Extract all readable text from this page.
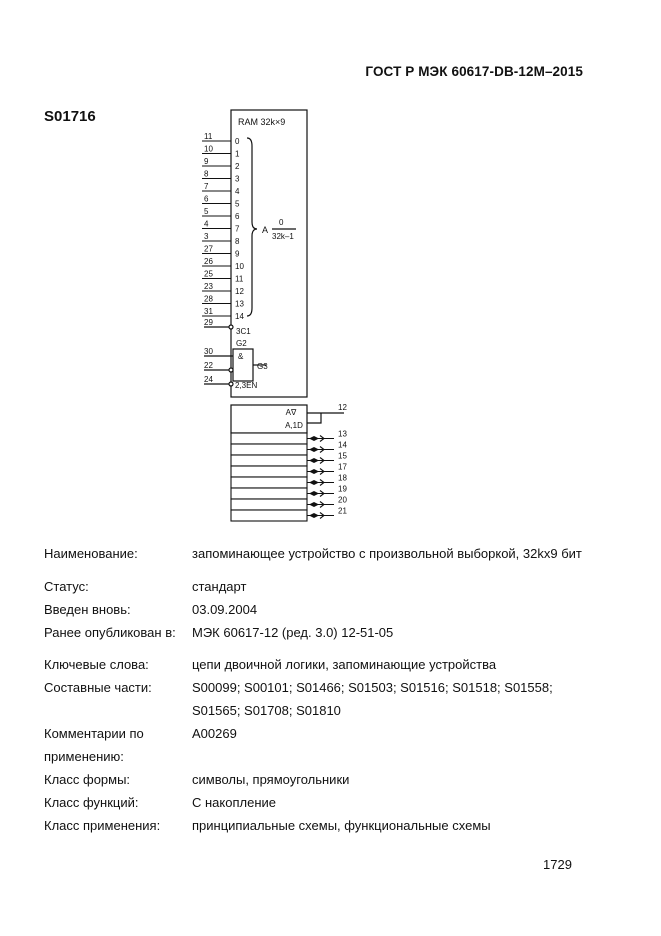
ГОСТ Р МЭК 60617-DB-12М–2015
S01716	RAM 32k×9
A
0
32k–1
G3
A∇
A,1D
12
11
0
10
1
9
2
8
3
7
4
6
5
5
6
4
7
3
8
27
9
26
10
25
11
23
12
28
13
31
14
29
3C1
G2
30
&
22
24
2,3EN
13
14
15
17
18
19
20
21
Наименование:	запоминающее устройство с произвольной выборкой, 32kx9 бит
Статус:	стандарт
Введен вновь:	03.09.2004
Ранее опубликован в:	МЭК 60617-12 (ред. 3.0) 12-51-05
Ключевые слова:	цепи двоичной логики, запоминающие устройства
Составные части:	S00099; S00101; S01466; S01503; S01516; S01518; S01558;
S01565; S01708; S01810
Комментарии по
применению:
A00269
Класс формы:	символы, прямоугольники
Класс функций:	С накопление
Класс применения:	принципиальные схемы, функциональные схемы
1729
